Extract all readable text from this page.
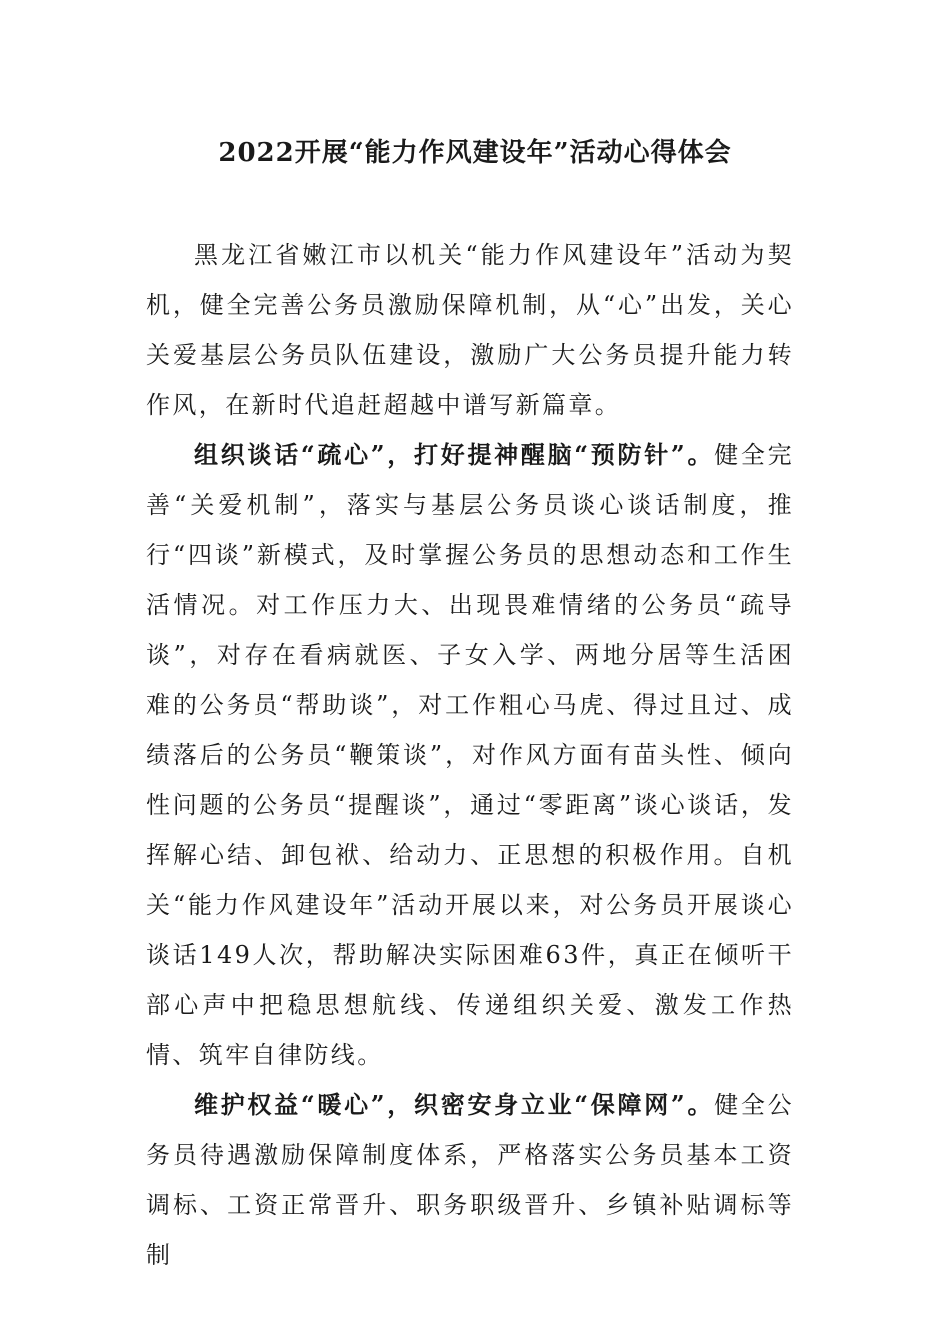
2022开展“能力作风建设年”活动心得体会

黑龙江省嫩江市以机关“能力作风建设年”活动为契机，健全完善公务员激励保障机制，从“心”出发，关心关爱基层公务员队伍建设，激励广大公务员提升能力转作风，在新时代追赶超越中谱写新篇章。

组织谈话“疏心”，打好提神醒脑“预防针”。健全完善“关爱机制”，落实与基层公务员谈心谈话制度，推行“四谈”新模式，及时掌握公务员的思想动态和工作生活情况。对工作压力大、出现畏难情绪的公务员“疏导谈”，对存在看病就医、子女入学、两地分居等生活困难的公务员“帮助谈”，对工作粗心马虎、得过且过、成绩落后的公务员“鞭策谈”，对作风方面有苗头性、倾向性问题的公务员“提醒谈”，通过“零距离”谈心谈话，发挥解心结、卸包袱、给动力、正思想的积极作用。自机关“能力作风建设年”活动开展以来，对公务员开展谈心谈话149人次，帮助解决实际困难63件，真正在倾听干部心声中把稳思想航线、传递组织关爱、激发工作热情、筑牢自律防线。

维护权益“暖心”，织密安身立业“保障网”。健全公务员待遇激励保障制度体系，严格落实公务员基本工资调标、工资正常晋升、职务职级晋升、乡镇补贴调标等制
